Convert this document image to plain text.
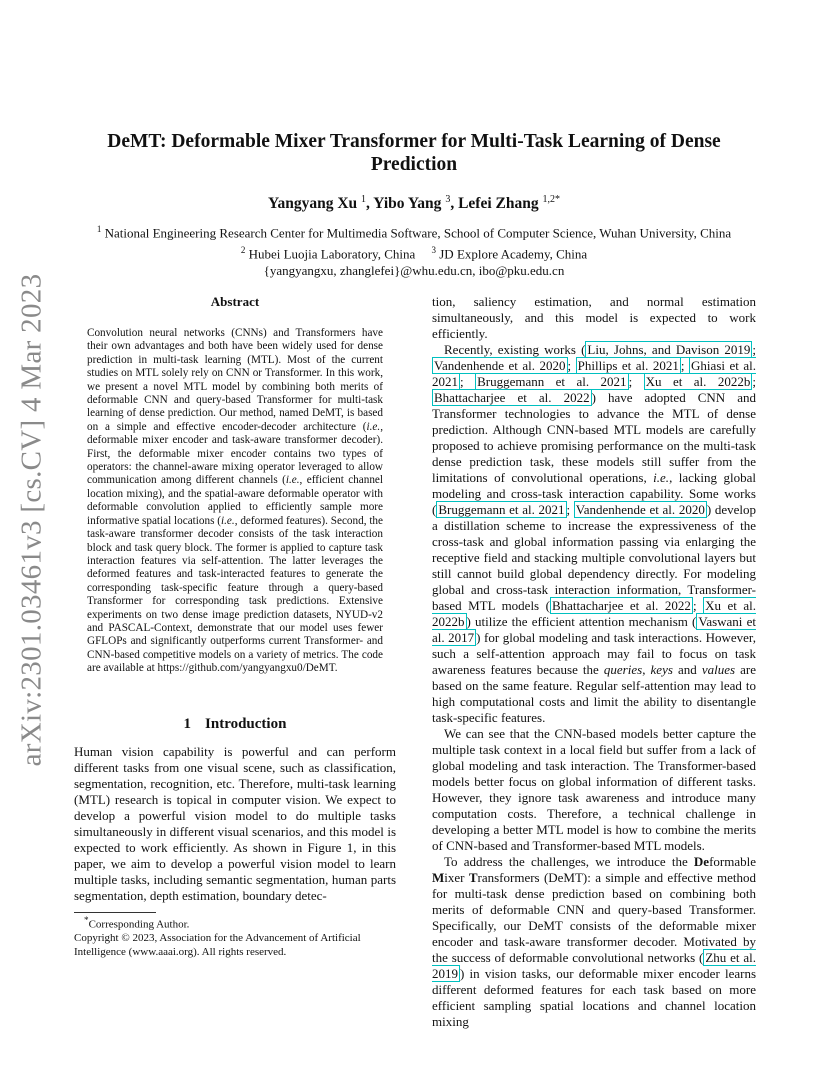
arXiv:2301.03461v3 [cs.CV] 4 Mar 2023
DeMT: Deformable Mixer Transformer for Multi-Task Learning of Dense
Prediction
Yangyang Xu $^1$, Yibo Yang $^3$, Lefei Zhang $^{1,2*}$
$^1$ National Engineering Research Center for Multimedia Software, School of Computer Science, Wuhan University, China
$^2$ Hubei Luojia Laboratory, China $^3$ JD Explore Academy, China
{yangyangxu, zhanglefei}@whu.edu.cn, ibo@pku.edu.cn
Abstract
Convolution neural networks (CNNs) and Transformers have their own advantages and both have been widely used for dense prediction in multi-task learning (MTL). Most of the current studies on MTL solely rely on CNN or Transformer. In this work, we present a novel MTL model by combining both merits of deformable CNN and query-based Transformer for multi-task learning of dense prediction. Our method, named DeMT, is based on a simple and effective encoder-decoder architecture (i.e., deformable mixer encoder and task-aware transformer decoder). First, the deformable mixer encoder contains two types of operators: the channel-aware mixing operator leveraged to allow communication among different channels (i.e., efficient channel location mixing), and the spatial-aware deformable operator with deformable convolution applied to efficiently sample more informative spatial locations (i.e., deformed features). Second, the task-aware transformer decoder consists of the task interaction block and task query block. The former is applied to capture task interaction features via self-attention. The latter leverages the deformed features and task-interacted features to generate the corresponding task-specific feature through a query-based Transformer for corresponding task predictions. Extensive experiments on two dense image prediction datasets, NYUD-v2 and PASCAL-Context, demonstrate that our model uses fewer GFLOPs and significantly outperforms current Transformer- and CNN-based competitive models on a variety of metrics. The code are available at https://github.com/yangyangxu0/DeMT.
1 Introduction

Human vision capability is powerful and can perform different tasks from one visual scene, such as classification, segmentation, recognition, etc. Therefore, multi-task learning (MTL) research is topical in computer vision. We expect to develop a powerful vision model to do multiple tasks simultaneously in different visual scenarios, and this model is expected to work efficiently. As shown in Figure 1, in this paper, we aim to develop a powerful vision model to learn multiple tasks, including semantic segmentation, human parts segmentation, depth estimation, boundary detec-

*Corresponding Author.
Copyright © 2023, Association for the Advancement of Artificial Intelligence (www.aaai.org). All rights reserved.

tion, saliency estimation, and normal estimation simultaneously, and this model is expected to work efficiently.

Recently, existing works ( Liu, Johns, and Davison 2019 ; Vandenhende et al. 2020 ; Phillips et al. 2021 ; Ghiasi et al. 2021 ; Bruggemann et al. 2021 ; Xu et al. 2022b ; Bhattacharjee et al. 2022 ) have adopted CNN and Transformer technologies to advance the MTL of dense prediction. Although CNN-based MTL models are carefully proposed to achieve promising performance on the multi-task dense prediction task, these models still suffer from the limitations of convolutional operations, i.e., lacking global modeling and cross-task interaction capability. Some works ( Bruggemann et al. 2021 ; Vandenhende et al. 2020 ) develop a distillation scheme to increase the expressiveness of the cross-task and global information passing via enlarging the receptive field and stacking multiple convolutional layers but still cannot build global dependency directly. For modeling global and cross-task interaction information, Transformer-based MTL models ( Bhattacharjee et al. 2022 ; Xu et al. 2022b ) utilize the efficient attention mechanism ( Vaswani et al. 2017 ) for global modeling and task interactions. However, such a self-attention approach may fail to focus on task awareness features because the queries, keys and values are based on the same feature. Regular self-attention may lead to high computational costs and limit the ability to disentangle task-specific features.

We can see that the CNN-based models better capture the multiple task context in a local field but suffer from a lack of global modeling and task interaction. The Transformer-based models better focus on global information of different tasks. However, they ignore task awareness and introduce many computation costs. Therefore, a technical challenge in developing a better MTL model is how to combine the merits of CNN-based and Transformer-based MTL models.

To address the challenges, we introduce the Deformable Mixer Transformers (DeMT): a simple and effective method for multi-task dense prediction based on combining both merits of deformable CNN and query-based Transformer. Specifically, our DeMT consists of the deformable mixer encoder and task-aware transformer decoder. Motivated by the success of deformable convolutional networks ( Zhu et al. 2019 ) in vision tasks, our deformable mixer encoder learns different deformed features for each task based on more efficient sampling spatial locations and channel location mixing
